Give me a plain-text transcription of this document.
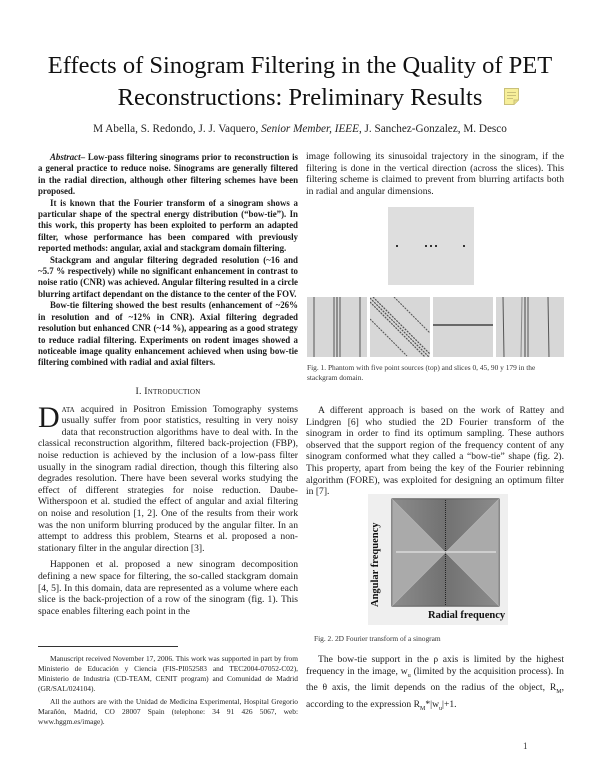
Effects of Sinogram Filtering in the Quality of PET
Reconstructions: Preliminary Results
M Abella, S. Redondo, J. J. Vaquero, Senior Member, IEEE, J. Sanchez-Gonzalez, M. Desco

Abstract– Low-pass filtering sinograms prior to reconstruction is a general practice to reduce noise. Sinograms are generally filtered in the radial direction, although other filtering schemes have been proposed.

It is known that the Fourier transform of a sinogram shows a particular shape of the spectral energy distribution (“bow-tie”). In this work, this property has been exploited to perform an adapted filter, whose performance has been compared with previously reported methods: angular, axial and stackgram domain filtering.

Stackgram and angular filtering degraded resolution (~16 and ~5.7 % respectively) while no significant enhancement in contrast to noise ratio (CNR) was achieved. Angular filtering resulted in a circle blurring artifact dependant on the distance to the center of the FOV.

Bow-tie filtering showed the best results (enhancement of ~26% in resolution and of ~12% in CNR). Axial filtering degraded resolution but enhanced CNR (~14 %), appearing as a good strategy to reduce radial filtering. Experiments on rodent images showed a noticeable image quality enhancement achieved when using bow-tie filtering combined with radial and axial filters.

I. Introduction

Data acquired in Positron Emission Tomography systems usually suffer from poor statistics, resulting in very noisy data that reconstruction algorithms have to deal with. In the classical reconstruction algorithm, filtered back-projection (FBP), noise reduction is achieved by the inclusion of a low-pass filter usually in the sinogram radial direction, though this filtering also degrades resolution. There have been several works studying the effect of different strategies for noise reduction. Daube-Witherspoon et al. studied the effect of angular and axial filtering on noise and resolution [1, 2]. One of the results from their work was the non uniform blurring produced by the angular filter. In an attempt to address this problem, Stearns et al. proposed a non-stationary filter in the angular direction [3].

Happonen et al. proposed a new sinogram decomposition defining a new space for filtering, the so-called stackgram domain [4, 5]. In this domain, data are represented as a volume where each slice is the back-projection of a row of the sinogram (fig. 1). This space enables filtering each point in the

Manuscript received November 17, 2006. This work was supported in part by from Ministerio de Educación y Ciencia (FIS-PI052583 and TEC2004-07052-C02), Ministerio de Industria (CD-TEAM, CENIT program) and Comunidad de Madrid (GR/SAL/024104).

All the authors are with the Unidad de Medicina Experimental, Hospital Gregorio Marañón, Madrid, CO 28007 Spain (telephone: 34 91 426 5067, web: www.hggm.es/image).

image following its sinusoidal trajectory in the sinogram, if the filtering is done in the vertical direction (across the slices). This filtering scheme is claimed to prevent from blurring artifacts both in radial and angular dimensions.

Fig. 1. Phantom with five point sources (top) and slices 0, 45, 90 y 179 in the stackgram domain.

A different approach is based on the work of Rattey and Lindgren [6] who studied the 2D Fourier transform of the sinogram in order to find its optimum sampling. These authors observed that the support region of the frequency content of any sinogram conformed what they called a “bow-tie” shape (fig. 2). This property, apart from being the key of the Fourier rebinning algorithm (FORE), was exploited for designing an optimum filter in [7].

Angular frequency
Radial frequency
Fig. 2. 2D Fourier transform of a sinogram

The bow-tie support in the ρ axis is limited by the highest frequency in the image, $w_u$ (limited by the acquisition process). In the θ axis, the limit depends on the radius of the object, $R_M$, according to the expression $R_M*|w_u|+1$.

1
